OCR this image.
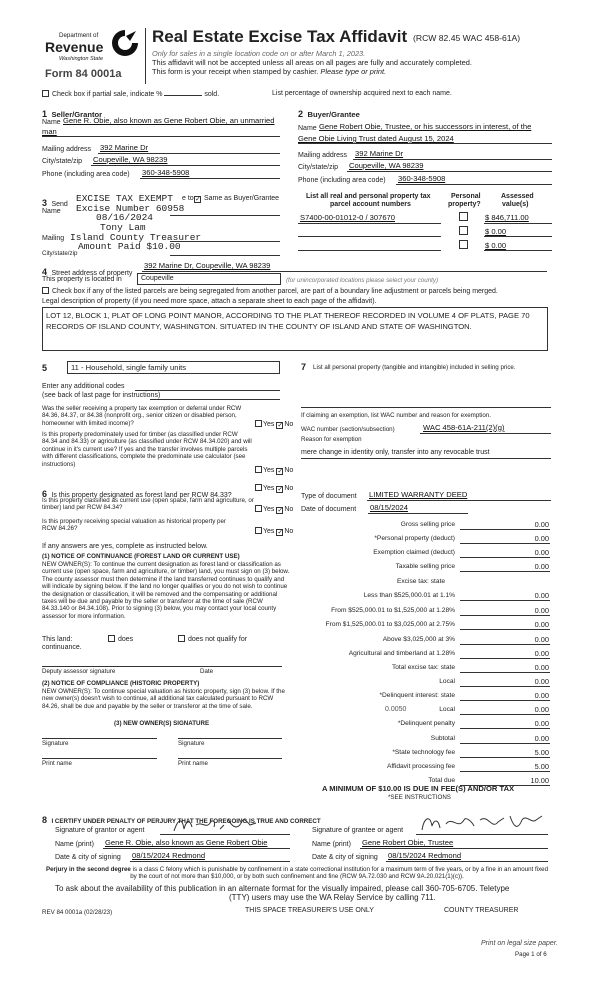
Department of
Revenue
Washington State
Form 84 0001a
Real Estate Excise Tax Affidavit (RCW 82.45 WAC 458-61A)
Only for sales in a single location code on or after March 1, 2023.
This affidavit will not be accepted unless all areas on all pages are fully and accurately completed.
This form is your receipt when stamped by cashier. Please type or print.
Check box if partial sale, indicate %	sold.	List percentage of ownership acquired next to each name.
1 Seller/Grantor
Name Gene R. Obie, also known as Gene Robert Obie, an unmarried
man
Mailing address 392 Marine Dr
City/state/zip Coupeville, WA 98239
Phone (including area code) 360-348-5908
2 Buyer/Grantee
Name Gene Robert Obie, Trustee, or his successors in interest, of the
Gene Obie Living Trust dated August 15, 2024
Mailing address 392 Marine Dr
City/state/zip Coupeville, WA 98239
Phone (including area code) 360-348-5908
3 Send
EXCISE TAX EXEMPT e to: ✓ Same as Buyer/Grantee
Name Excise Number 60958
08/16/2024
Tony Lam
Mailing Island County Treasurer
Amount Paid $10.00
City/state/zip
List all real and personal property tax
parcel account numbers
Personal
property?
Assessed
value(s)
S7400-00-01012-0 / 307670	$ 846,711.00
$ 0.00
$ 0.00
4 Street address of property
392 Marine Dr, Coupeville, WA 98239
This property is located in	Coupeville	(for unincorporated locations please select your county)
Check box if any of the listed parcels are being segregated from another parcel, are part of a boundary line adjustment or parcels being merged.
Legal description of property (if you need more space, attach a separate sheet to each page of the affidavit).
LOT 12, BLOCK 1, PLAT OF LONG POINT MANOR, ACCORDING TO THE PLAT THEREOF RECORDED IN VOLUME 4 OF PLATS, PAGE 70 RECORDS OF ISLAND COUNTY, WASHINGTON. SITUATED IN THE COUNTY OF ISLAND AND STATE OF WASHINGTON.
5	11 - Household, single family units
Enter any additional codes
(see back of last page for instructions)
Was the seller receiving a property tax exemption or deferral under RCW 84.36, 84.37, or 84.38 (nonprofit org., senior citizen or disabled person, homeowner with limited income)?	Yes ✓No
Is this property predominately used for timber (as classified under RCW 84.34 and 84.33) or agriculture (as classified under RCW 84.34.020) and will continue in it's current use? If yes and the transfer involves multiple parcels with different classifications, complete the predominate use calculator (see instructions)
Yes ✓No
6 Is this property designated as forest land per RCW 84.33?
Yes ✓No
Is this property classified as current use (open space, farm and agriculture, or timber) land per RCW 84.34?	Yes ✓No
Is this property receiving special valuation as historical property per RCW 84.26?	Yes ✓No
If any answers are yes, complete as instructed below.
(1) NOTICE OF CONTINUANCE (FOREST LAND OR CURRENT USE)
NEW OWNER(S): To continue the current designation as forest land or classification as current use (open space, farm and agriculture, or timber) land, you must sign on (3) below. The county assessor must then determine if the land transferred continues to qualify and will indicate by signing below. If the land no longer qualifies or you do not wish to continue the designation or classification, it will be removed and the compensating or additional taxes will be due and payable by the seller or transferor at the time of sale (RCW 84.33.140 or 84.34.108). Prior to signing (3) below, you may contact your local county assessor for more information.
This land:	does	does not qualify for
continuance.
Deputy assessor signature	Date
(2) NOTICE OF COMPLIANCE (HISTORIC PROPERTY)
NEW OWNER(S): To continue special valuation as historic property, sign (3) below. If the new owner(s) doesn't wish to continue, all additional tax calculated pursuant to RCW 84.26, shall be due and payable by the seller or transferor at the time of sale.
(3) NEW OWNER(S) SIGNATURE
Signature	Signature
Print name	Print name
7 List all personal property (tangible and intangible) included in selling price.
If claiming an exemption, list WAC number and reason for exemption.
WAC number (section/subsection)	WAC 458-61A-211(2)(g)
Reason for exemption
mere change in identity only, transfer into any revocable trust
Type of document LIMITED WARRANTY DEED
Date of document 08/15/2024
Gross selling price	0.00
*Personal property (deduct)	0.00
Exemption claimed (deduct)	0.00
Taxable selling price	0.00
Excise tax: state
Less than $525,000.01 at 1.1%	0.00
From $525,000.01 to $1,525,000 at 1.28%	0.00
From $1,525,000.01 to $3,025,000 at 2.75%	0.00
Above $3,025,000 at 3%	0.00
Agricultural and timberland at 1.28%	0.00
Total excise tax: state	0.00
Local	0.00
*Delinquent interest: state	0.00
Local	0.00
*Delinquent penalty	0.00
Subtotal	0.00
*State technology fee	5.00
Affidavit processing fee	5.00
Total due	10.00
0.0050
A MINIMUM OF $10.00 IS DUE IN FEE(S) AND/OR TAX
*SEE INSTRUCTIONS
8 I CERTIFY UNDER PENALTY OF PERJURY THAT THE FOREGOING IS TRUE AND CORRECT
Signature of grantor or agent
Name (print) Gene R. Obie, also known as Gene Robert Obie
Date & city of signing 08/15/2024 Redmond
Signature of grantee or agent
Name (print) Gene Robert Obie, Trustee
Date & city of signing 08/15/2024 Redmond
Perjury in the second degree is a class C felony which is punishable by confinement in a state correctional institution for a maximum term of five years, or by a fine in an amount fixed by the court of not more than $10,000, or by both such confinement and fine (RCW 9A.72.030 and RCW 9A.20.021(1)(c)).
To ask about the availability of this publication in an alternate format for the visually impaired, please call 360-705-6705. Teletype
(TTY) users may use the WA Relay Service by calling 711.
REV 84 0001a (02/28/23)	THIS SPACE TREASURER'S USE ONLY	COUNTY TREASURER
Print on legal size paper.
Page 1 of 6
